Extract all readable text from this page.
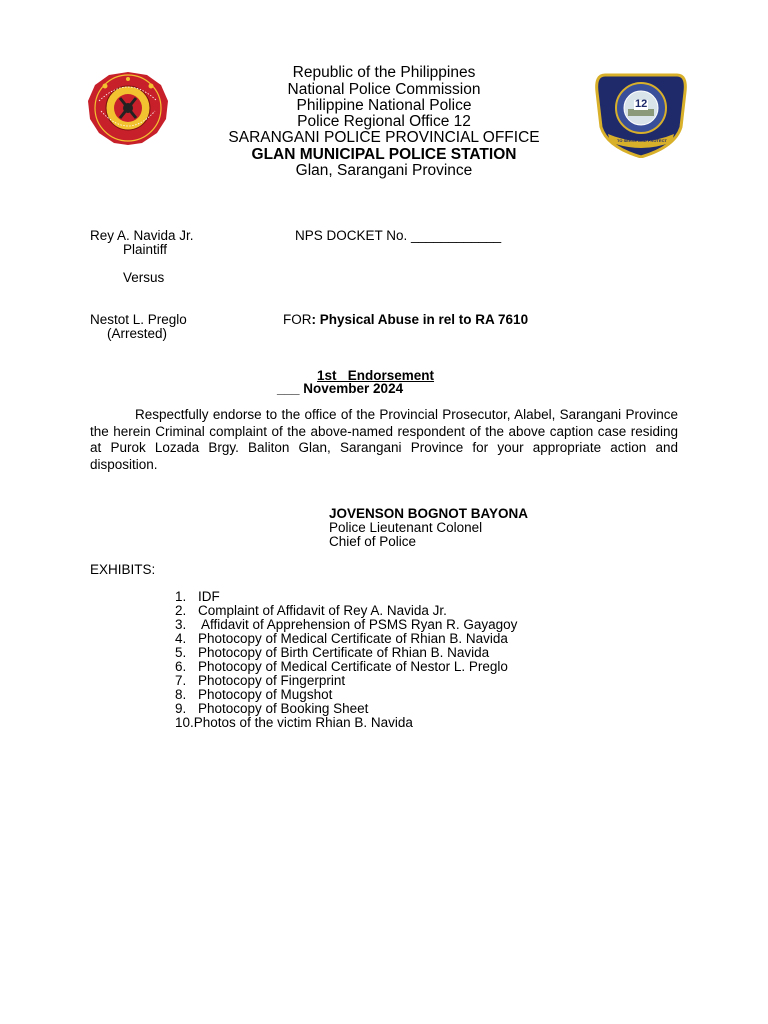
12
TO SERVE AND PROTECT
Republic of the Philippines
National Police Commission
Philippine National Police
Police Regional Office 12
SARANGANI POLICE PROVINCIAL OFFICE
GLAN MUNICIPAL POLICE STATION
Glan, Sarangani Province
Rey A. Navida Jr.	NPS DOCKET No. ____________
Plaintiff
Versus
Nestot L. Preglo	FOR: Physical Abuse in rel to RA 7610
(Arrested)
1st   Endorsement
___ November 2024
Respectfully endorse to the office of the Provincial Prosecutor, Alabel, Sarangani Province the herein Criminal complaint of the above-named respondent of the above caption case residing at Purok Lozada Brgy. Baliton Glan, Sarangani Province for your appropriate action and disposition.
JOVENSON BOGNOT BAYONA
Police Lieutenant Colonel
Chief of Police
EXHIBITS:
1. IDF
2. Complaint of Affidavit of Rey A. Navida Jr.
3. Affidavit of Apprehension of PSMS Ryan R. Gayagoy
4. Photocopy of Medical Certificate of Rhian B. Navida
5. Photocopy of Birth Certificate of Rhian B. Navida
6. Photocopy of Medical Certificate of Nestor L. Preglo
7. Photocopy of Fingerprint
8. Photocopy of Mugshot
9. Photocopy of Booking Sheet
10. Photos of the victim Rhian B. Navida
